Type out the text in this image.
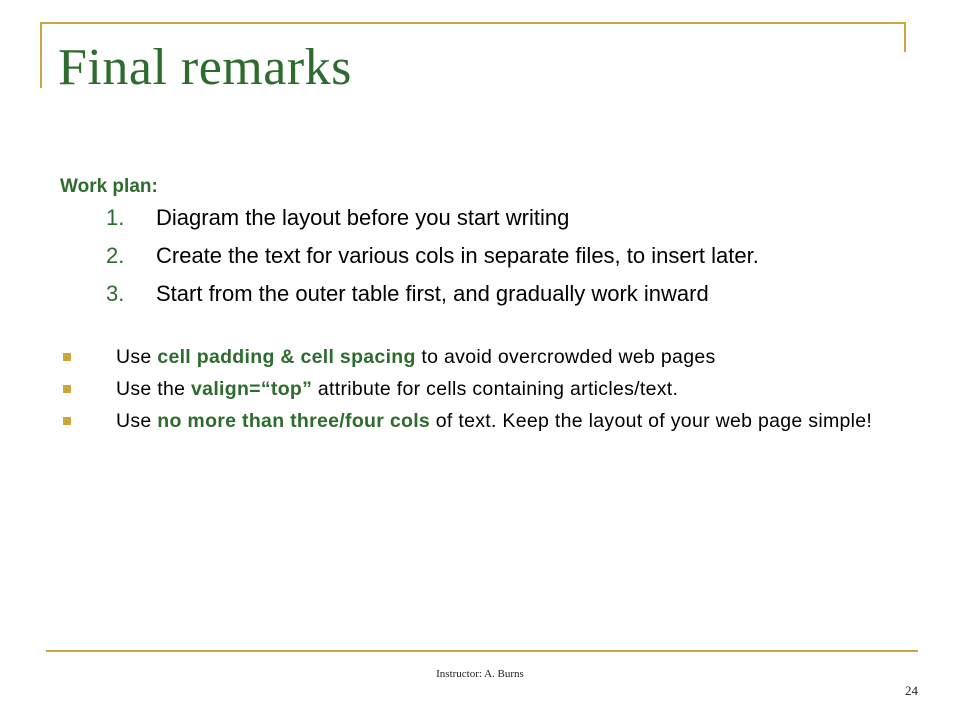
Final remarks
Work plan:
1.	Diagram the layout before you start writing
2.	Create the text for various cols in separate files, to insert later.
3.	Start from the outer table first, and gradually work inward
Use cell padding & cell spacing to avoid overcrowded web pages
Use the valign=“top” attribute for cells containing articles/text.
Use no more than three/four cols of text. Keep the layout of your web page simple!
Instructor: A. Burns
24
